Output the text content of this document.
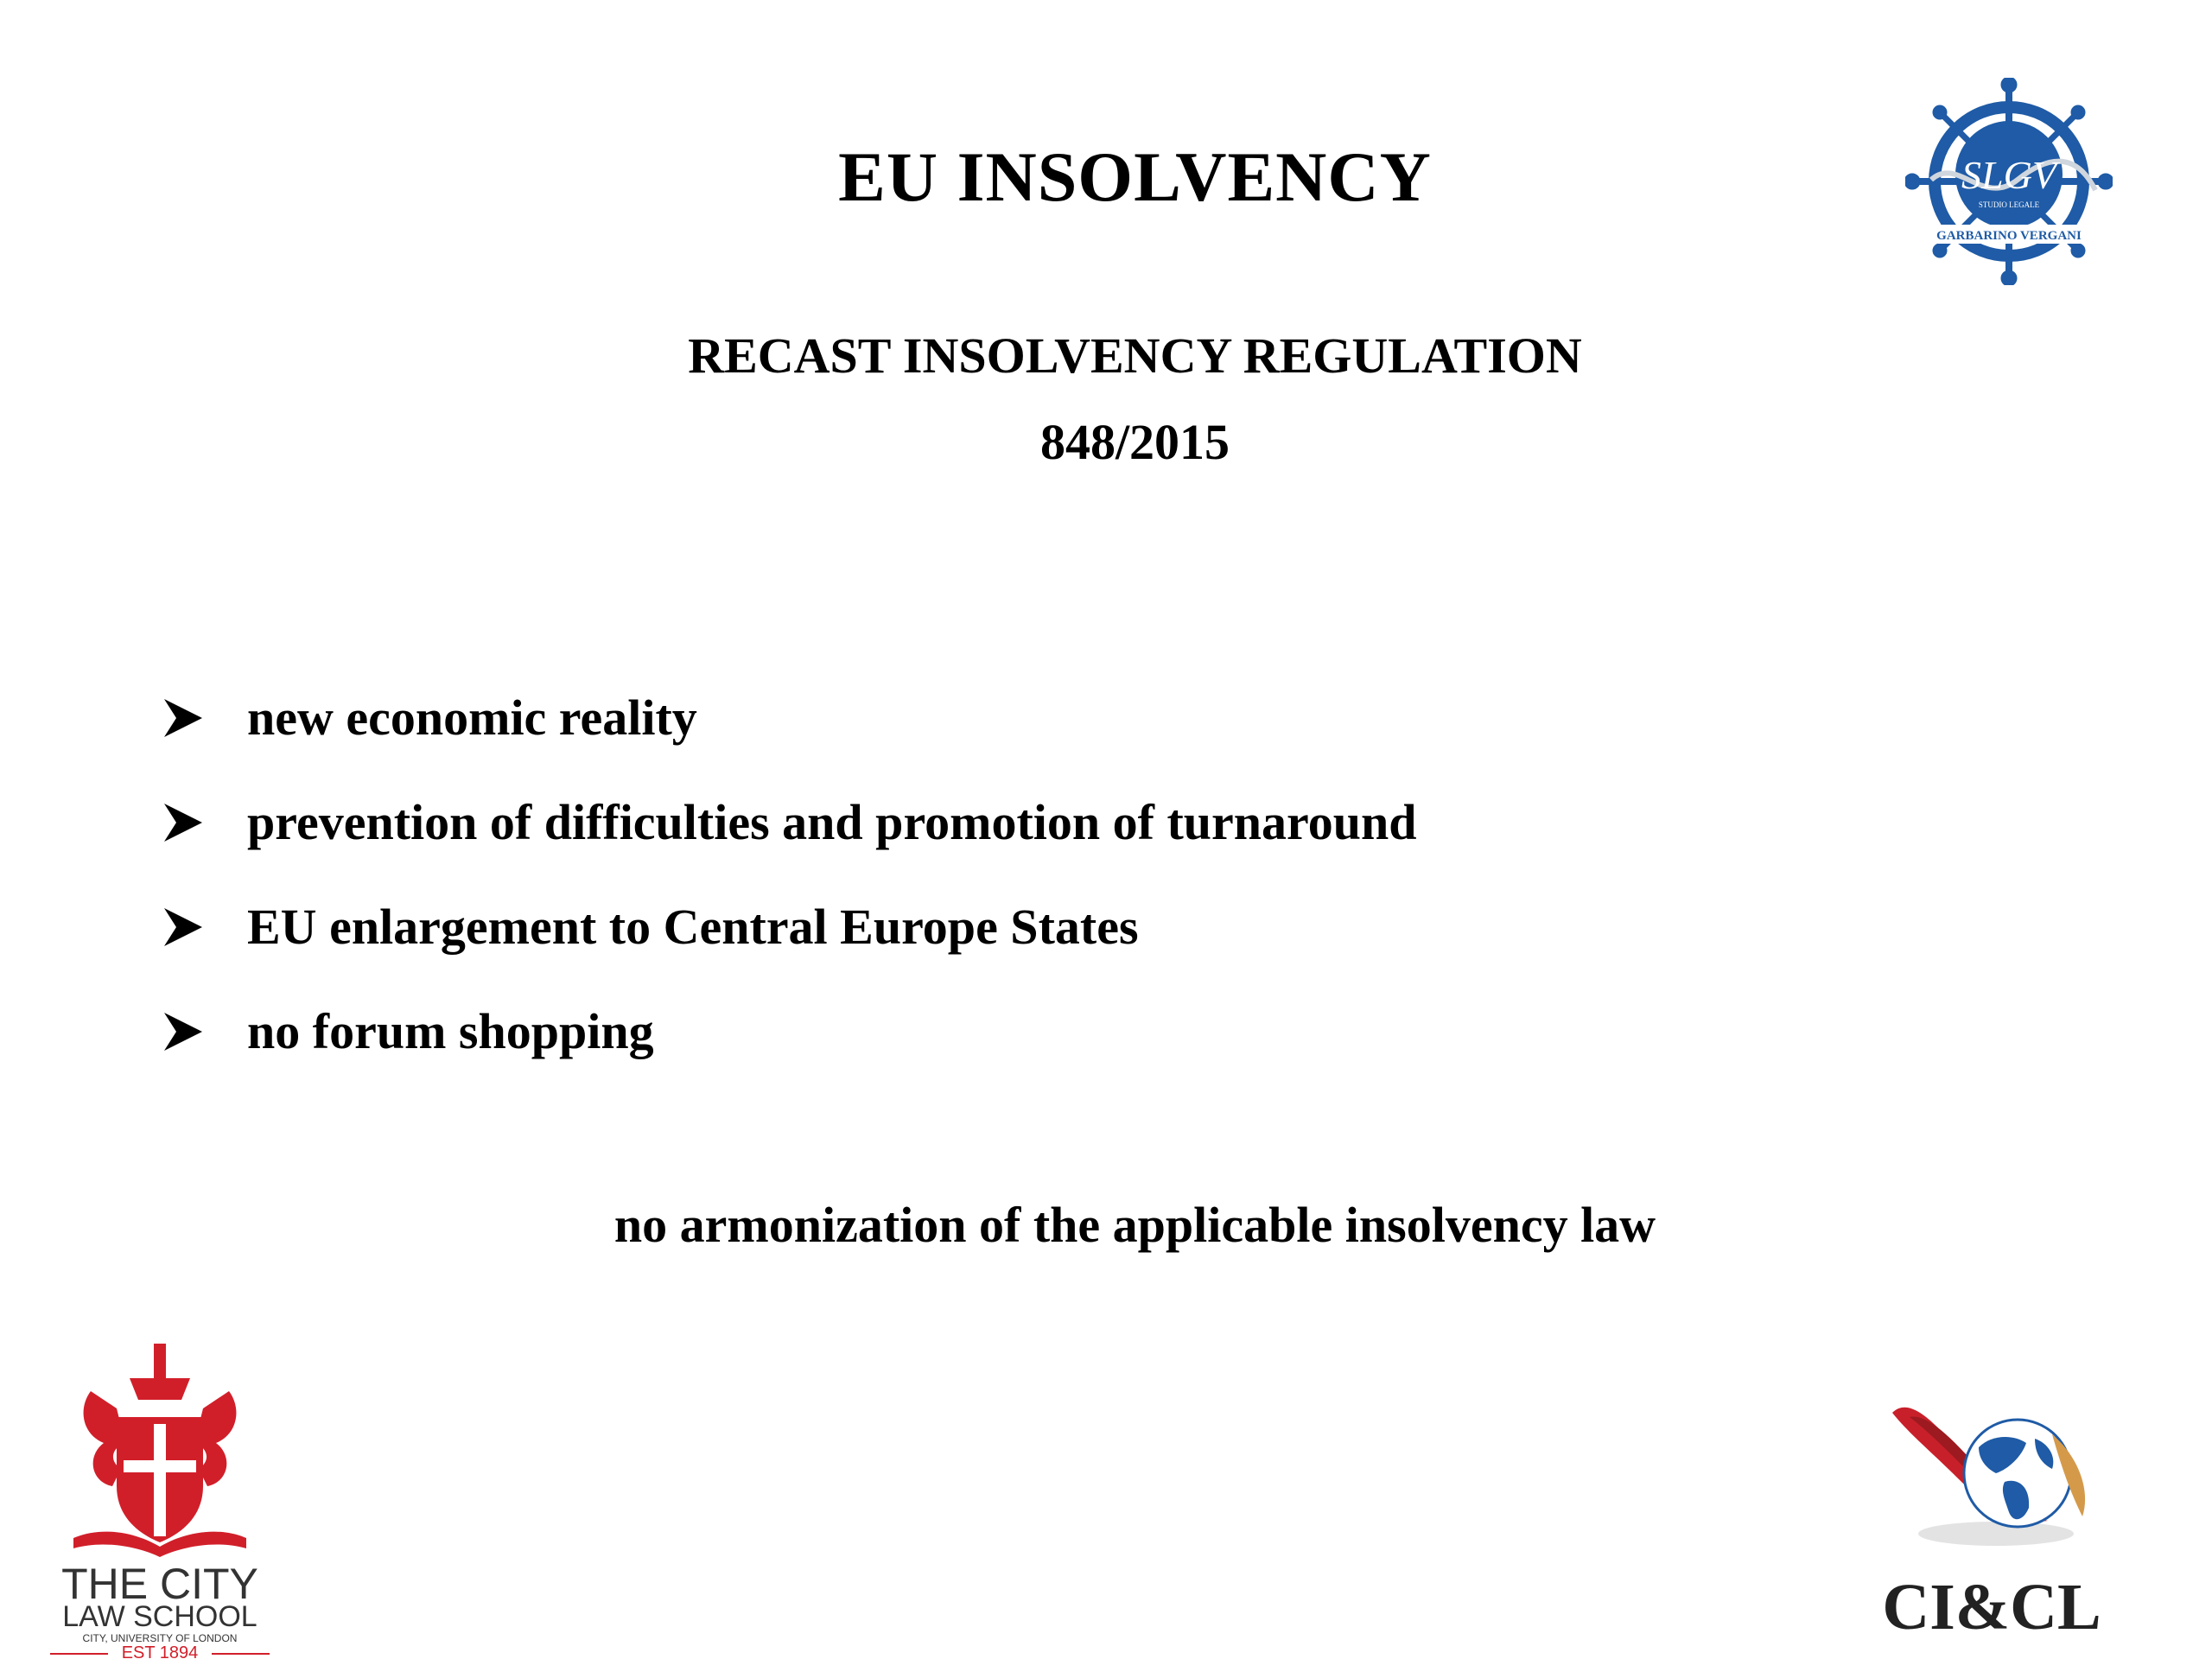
EU INSOLVENCY
RECAST INSOLVENCY REGULATION
848/2015
new economic reality
prevention of difficulties and promotion of turnaround
EU enlargement to Central Europe States
no forum shopping

no armonization of the applicable insolvency law

SLGV
STUDIO LEGALE
GARBARINO VERGANI
THE CITY
LAW SCHOOL
CITY, UNIVERSITY OF LONDON
EST 1894
CI&CL
